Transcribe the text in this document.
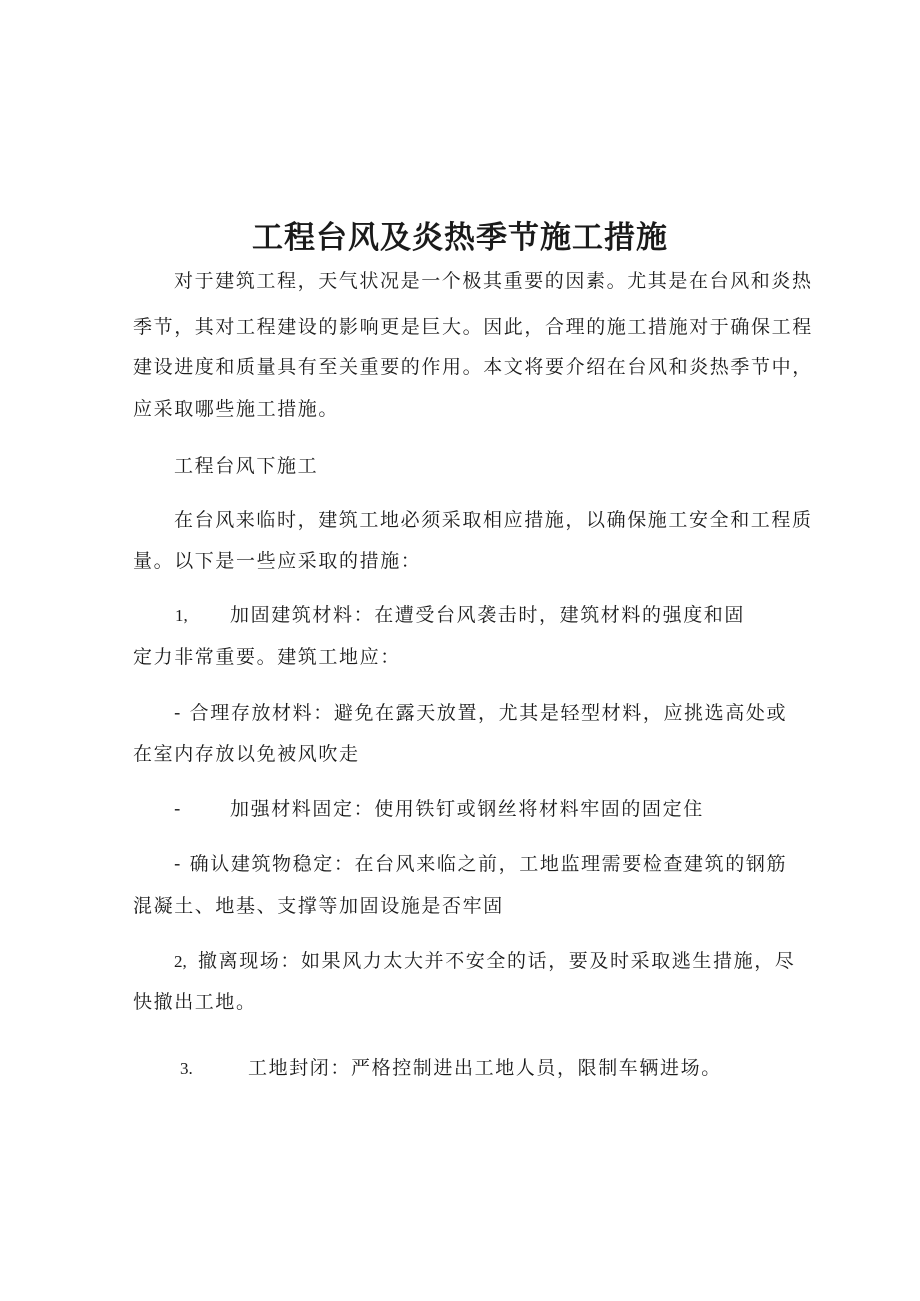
工程台风及炎热季节施工措施

对于建筑工程，天气状况是一个极其重要的因素。尤其是在台风和炎热

季节，其对工程建设的影响更是巨大。因此，合理的施工措施对于确保工程

建设进度和质量具有至关重要的作用。本文将要介绍在台风和炎热季节中，

应采取哪些施工措施。

工程台风下施工

在台风来临时，建筑工地必须采取相应措施，以确保施工安全和工程质

量。以下是一些应采取的措施：

1, 加固建筑材料：在遭受台风袭击时，建筑材料的强度和固

定力非常重要。建筑工地应：

- 合理存放材料：避免在露天放置，尤其是轻型材料，应挑选高处或

在室内存放以免被风吹走

-	加强材料固定：使用铁钉或钢丝将材料牢固的固定住

- 确认建筑物稳定：在台风来临之前，工地监理需要检查建筑的钢筋

混凝土、地基、支撑等加固设施是否牢固

2, 撤离现场：如果风力太大并不安全的话，要及时采取逃生措施，尽

快撤出工地。

3.	工地封闭：严格控制进出工地人员，限制车辆进场。
